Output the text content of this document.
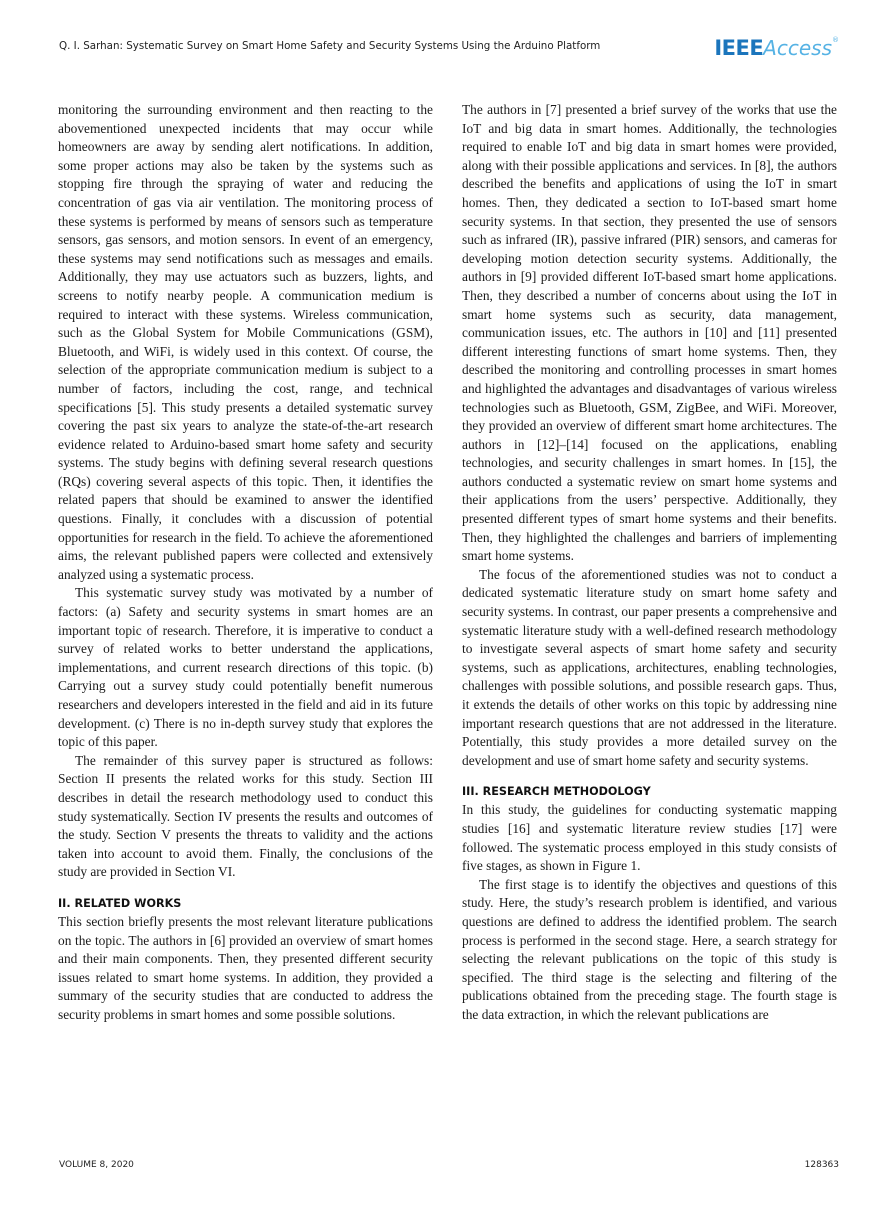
Q. I. Sarhan: Systematic Survey on Smart Home Safety and Security Systems Using the Arduino Platform	IEEEAccess®

monitoring the surrounding environment and then reacting to the abovementioned unexpected incidents that may occur while homeowners are away by sending alert notifications. In addition, some proper actions may also be taken by the systems such as stopping fire through the spraying of water and reducing the concentration of gas via air ventilation. The monitoring process of these systems is performed by means of sensors such as temperature sensors, gas sensors, and motion sensors. In event of an emergency, these systems may send notifications such as messages and emails. Additionally, they may use actuators such as buzzers, lights, and screens to notify nearby people. A communication medium is required to interact with these systems. Wireless communication, such as the Global System for Mobile Communications (GSM), Bluetooth, and WiFi, is widely used in this context. Of course, the selection of the appropriate communication medium is subject to a number of factors, including the cost, range, and technical specifications [5]. This study presents a detailed systematic survey covering the past six years to analyze the state-of-the-art research evidence related to Arduino-based smart home safety and security systems. The study begins with defining several research questions (RQs) covering several aspects of this topic. Then, it identifies the related papers that should be examined to answer the identified questions. Finally, it concludes with a discussion of potential opportunities for research in the field. To achieve the aforementioned aims, the relevant published papers were collected and extensively analyzed using a systematic process.

This systematic survey study was motivated by a number of factors: (a) Safety and security systems in smart homes are an important topic of research. Therefore, it is imperative to conduct a survey of related works to better understand the applications, implementations, and current research directions of this topic. (b) Carrying out a survey study could potentially benefit numerous researchers and developers interested in the field and aid in its future development. (c) There is no in-depth survey study that explores the topic of this paper.

The remainder of this survey paper is structured as follows: Section II presents the related works for this study. Section III describes in detail the research methodology used to conduct this study systematically. Section IV presents the results and outcomes of the study. Section V presents the threats to validity and the actions taken into account to avoid them. Finally, the conclusions of the study are provided in Section VI.

II. RELATED WORKS

This section briefly presents the most relevant literature publications on the topic. The authors in [6] provided an overview of smart homes and their main components. Then, they presented different security issues related to smart home systems. In addition, they provided a summary of the security studies that are conducted to address the security problems in smart homes and some possible solutions.

The authors in [7] presented a brief survey of the works that use the IoT and big data in smart homes. Additionally, the technologies required to enable IoT and big data in smart homes were provided, along with their possible applications and services. In [8], the authors described the benefits and applications of using the IoT in smart homes. Then, they dedicated a section to IoT-based smart home security systems. In that section, they presented the use of sensors such as infrared (IR), passive infrared (PIR) sensors, and cameras for developing motion detection security systems. Additionally, the authors in [9] provided different IoT-based smart home applications. Then, they described a number of concerns about using the IoT in smart home systems such as security, data management, communication issues, etc. The authors in [10] and [11] presented different interesting functions of smart home systems. Then, they described the monitoring and controlling processes in smart homes and highlighted the advantages and disadvantages of various wireless technologies such as Bluetooth, GSM, ZigBee, and WiFi. Moreover, they provided an overview of different smart home architectures. The authors in [12]–[14] focused on the applications, enabling technologies, and security challenges in smart homes. In [15], the authors conducted a systematic review on smart home systems and their applications from the users’ perspective. Additionally, they presented different types of smart home systems and their benefits. Then, they highlighted the challenges and barriers of implementing smart home systems.

The focus of the aforementioned studies was not to conduct a dedicated systematic literature study on smart home safety and security systems. In contrast, our paper presents a comprehensive and systematic literature study with a well-defined research methodology to investigate several aspects of smart home safety and security systems, such as applications, architectures, enabling technologies, challenges with possible solutions, and possible research gaps. Thus, it extends the details of other works on this topic by addressing nine important research questions that are not addressed in the literature. Potentially, this study provides a more detailed survey on the development and use of smart home safety and security systems.

III. RESEARCH METHODOLOGY

In this study, the guidelines for conducting systematic mapping studies [16] and systematic literature review studies [17] were followed. The systematic process employed in this study consists of five stages, as shown in Figure 1.

The first stage is to identify the objectives and questions of this study. Here, the study’s research problem is identified, and various questions are defined to address the identified problem. The search process is performed in the second stage. Here, a search strategy for selecting the relevant publications on the topic of this study is specified. The third stage is the selecting and filtering of the publications obtained from the preceding stage. The fourth stage is the data extraction, in which the relevant publications are

VOLUME 8, 2020	128363
